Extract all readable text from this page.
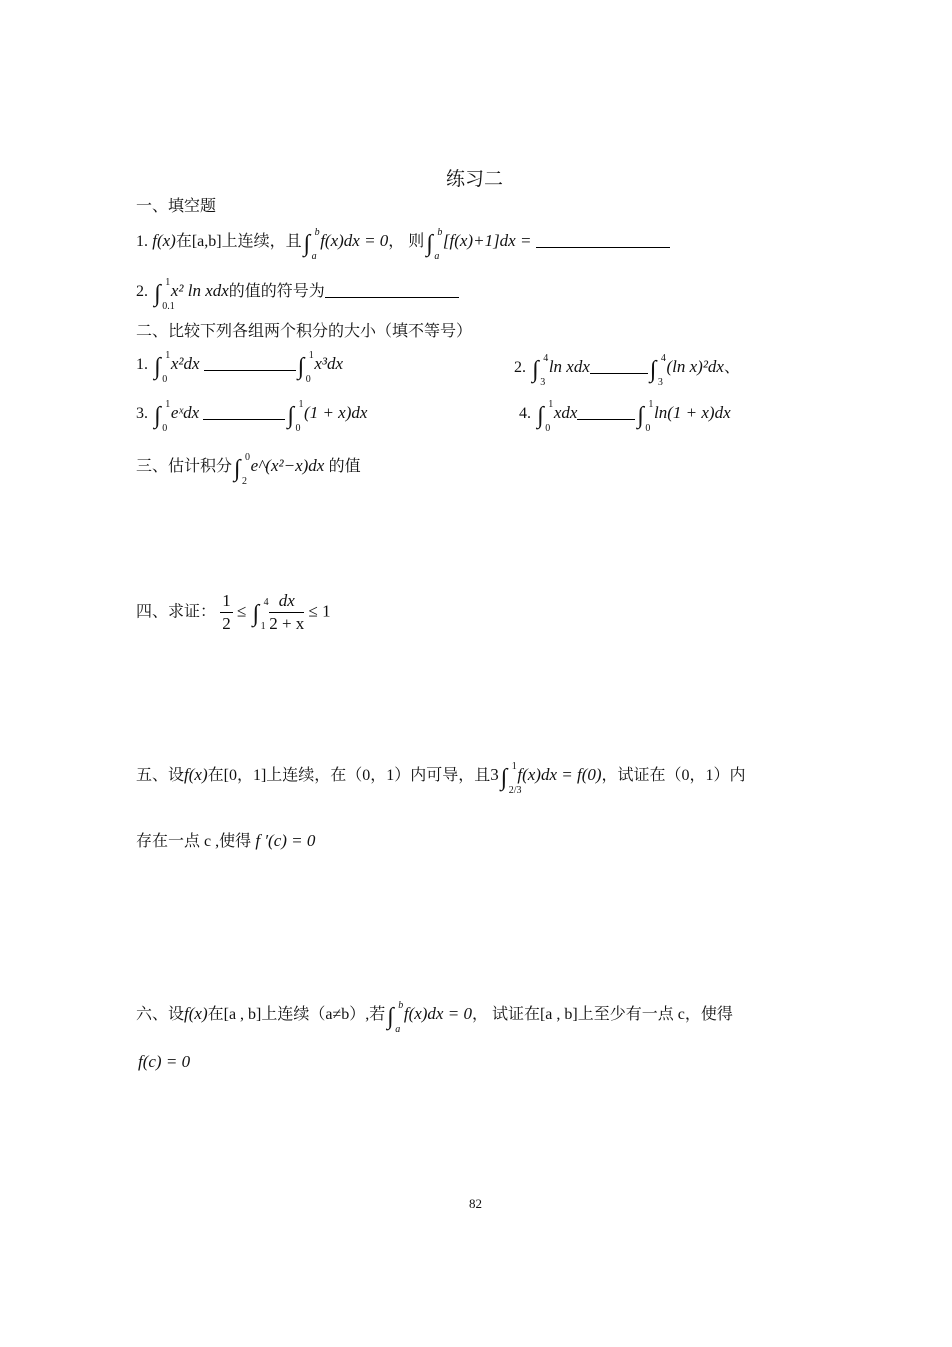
练习二
一、填空题
1. f(x)在[a,b]上连续，且∫ b
a
f(x)dx = 0， 则∫ b
a
[f(x)+1]dx =
2. ∫ 1
0.1
x² ln xdx的值的符号为
二、比较下列各组两个积分的大小（填不等号）
1. ∫ 1
0
x²dx	∫ 1
0
x³dx	2. ∫ 4
3
ln xdx	∫ 4
3
(ln x)²dx、
3. ∫ 1
0
eˣdx	∫ 1
0
(1 + x)dx	4. ∫ 1
0
xdx	∫ 1
0
ln(1 + x)dx
三、估计积分∫ 0
2
e^(x²−x)dx 的值
四、求证： $\frac{1}{2}$ ≤ ∫ 4
$1 \frac{dx}{2 + x} \le 1$
五、设f(x)在[0，1]上连续，在（0，1）内可导，且3∫ 1
2/3
f(x)dx = f(0)，试证在（0，1）内
存在一点 c ,使得 f ′(c) = 0
六、设f(x)在[a , b]上连续（a≠b）,若∫ b
a
f(x)dx = 0， 试证在[a , b]上至少有一点 c，使得
f(c) = 0
82
